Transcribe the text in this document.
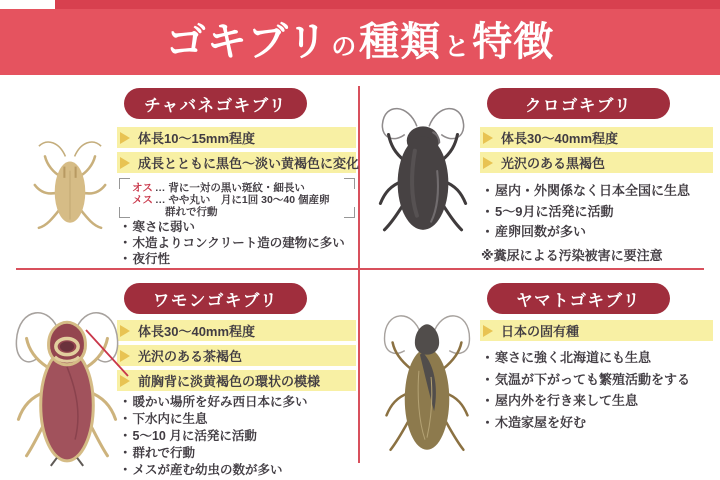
ゴキブリ の 種類 と 特徴
チャバネゴキブリ
体長10〜15mm程度
成長とともに黒色〜淡い黄褐色に変化
オス … 背に一対の黒い斑紋・細長い
メス … やや丸い　月に1回 30〜40 個産卵
群れで行動
・寒さに弱い
・木造よりコンクリート造の建物に多い
・夜行性
クロゴキブリ
体長30〜40mm程度
光沢のある黒褐色
・屋内・外関係なく日本全国に生息
・5〜9月に活発に活動
・産卵回数が多い
※糞尿による汚染被害に要注意
ワモンゴキブリ
体長30〜40mm程度
光沢のある茶褐色
前胸背に淡黄褐色の環状の模様
・暖かい場所を好み西日本に多い
・下水内に生息
・5〜10 月に活発に活動
・群れで行動
・メスが産む幼虫の数が多い
ヤマトゴキブリ
日本の固有種
・寒さに強く北海道にも生息
・気温が下がっても繁殖活動をする
・屋内外を行き来して生息
・木造家屋を好む
